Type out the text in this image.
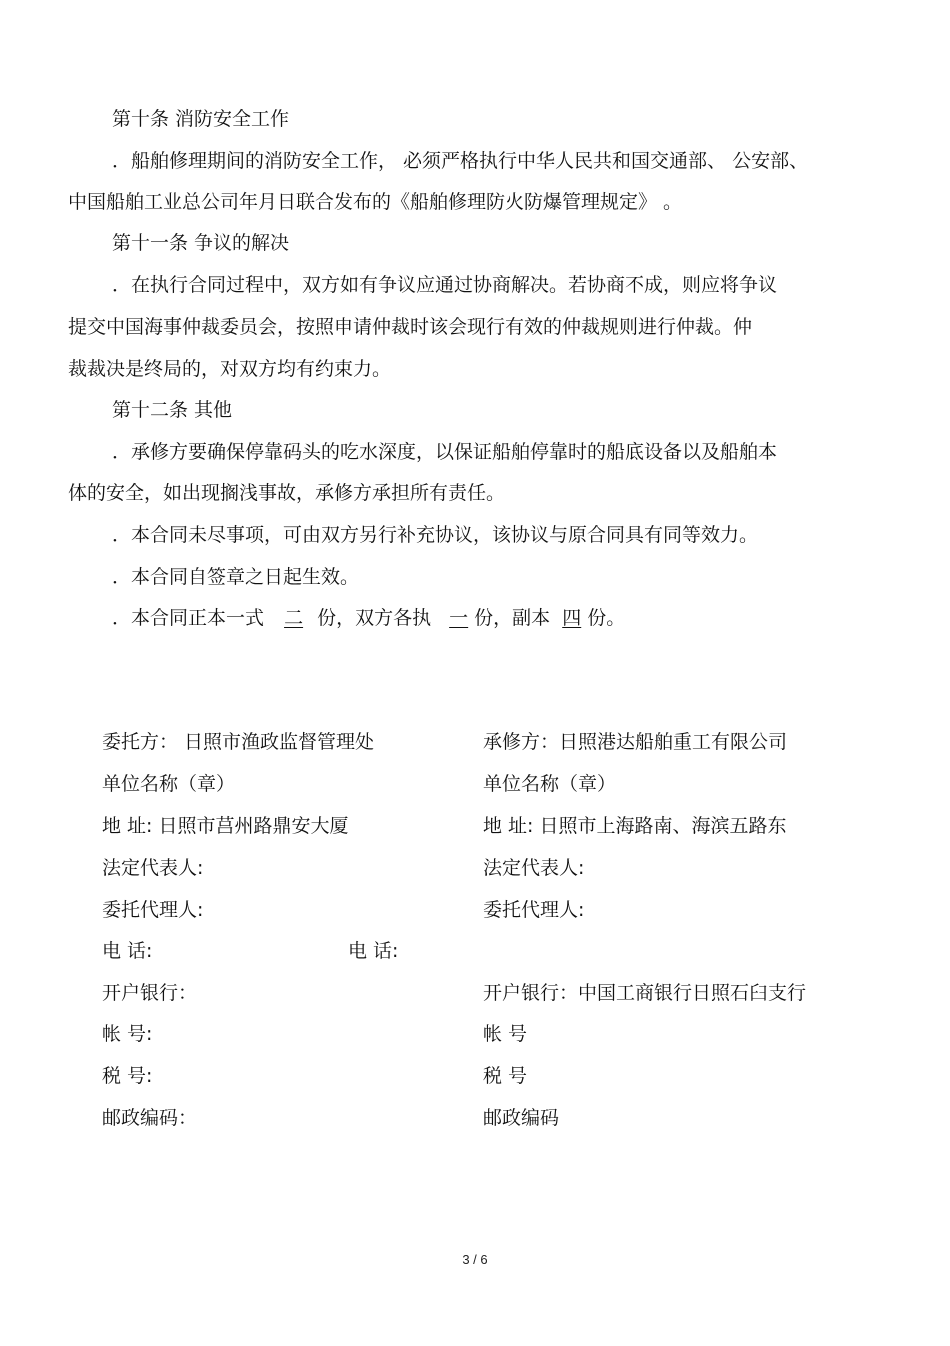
第十条 消防安全工作
．船舶修理期间的消防安全工作， 必须严格执行中华人民共和国交通部、 公安部、
中国船舶工业总公司年月日联合发布的《船舶修理防火防爆管理规定》 。
第十一条 争议的解决
．在执行合同过程中，双方如有争议应通过协商解决。若协商不成，则应将争议
提交中国海事仲裁委员会，按照申请仲裁时该会现行有效的仲裁规则进行仲裁。仲
裁裁决是终局的，对双方均有约束力。
第十二条 其他
．承修方要确保停靠码头的吃水深度，以保证船舶停靠时的船底设备以及船舶本
体的安全，如出现搁浅事故，承修方承担所有责任。
．本合同未尽事项，可由双方另行补充协议，该协议与原合同具有同等效力。
．本合同自签章之日起生效。
．本合同正本一式 二 份，双方各执 一 份，副本 四 份。
委托方： 日照市渔政监督管理处
单位名称（章）
地 址: 日照市莒州路鼎安大厦
法定代表人:
委托代理人:
电 话:
开户银行：
帐 号:
税 号:
邮政编码：
电 话:
承修方：日照港达船舶重工有限公司
单位名称（章）
地 址: 日照市上海路南、海滨五路东
法定代表人:
委托代理人:
开户银行：中国工商银行日照石臼支行
帐 号
税 号
邮政编码
3 / 6
